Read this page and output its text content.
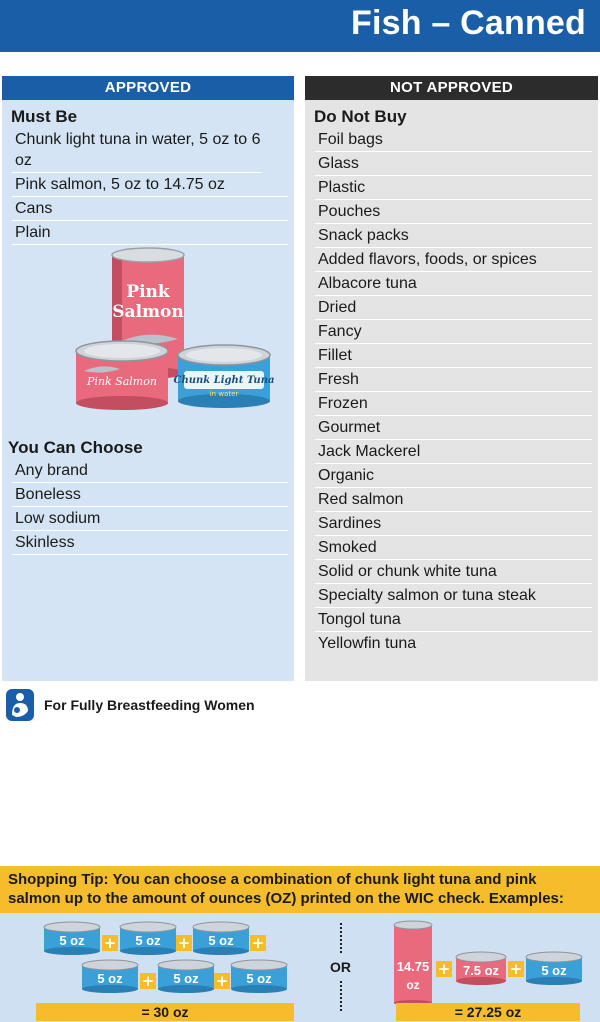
Fish – Canned
APPROVED
Must Be
Chunk light tuna in water, 5 oz to 6 oz
Pink salmon, 5 oz to 14.75 oz
Cans
Plain
Pink
Salmon
Pink Salmon Chunk Light Tuna
in water
You Can Choose
Any brand
Boneless
Low sodium
Skinless
NOT APPROVED
Do Not Buy
Foil bags
Glass
Plastic
Pouches
Snack packs
Added flavors, foods, or spices
Albacore tuna
Dried
Fancy
Fillet
Fresh
Frozen
Gourmet
Jack Mackerel
Organic
Red salmon
Sardines
Smoked
Solid or chunk white tuna
Specialty salmon or tuna steak
Tongol tuna
Yellowfin tuna
For Fully Breastfeeding Women
Shopping Tip: You can choose a combination of chunk light tuna and pink salmon up to the amount of ounces (OZ) printed on the WIC check. Examples:
+
5 oz	5 oz	5 oz
5 oz	5 oz	5 oz
14.75
oz
7.5 oz	5 oz
OR
= 30 oz	= 27.25 oz
